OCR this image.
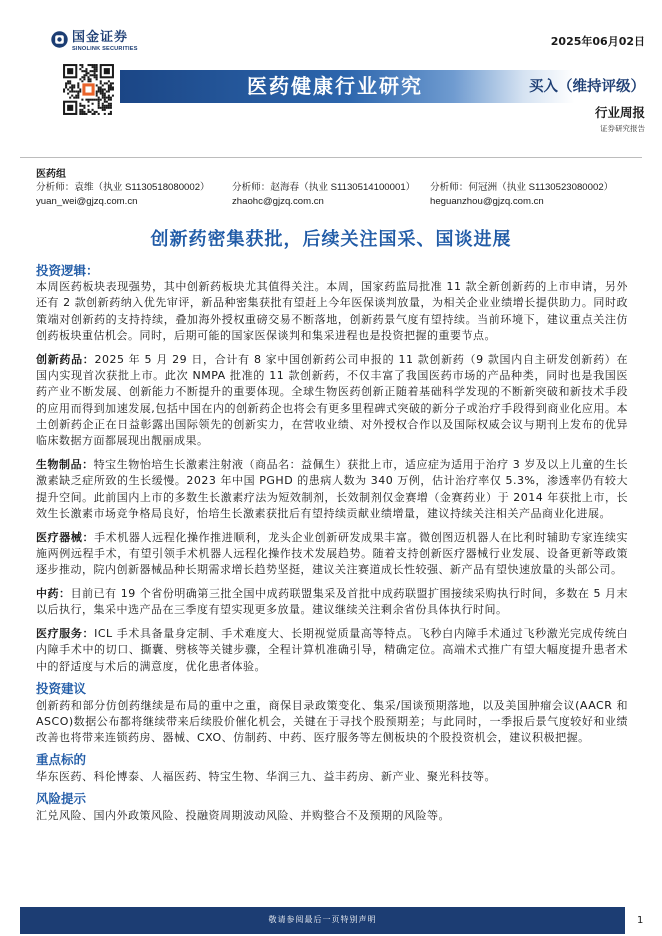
国金证券
SINOLINK SECURITIES
2025年06月02日
医药健康行业研究	买入（维持评级）
行业周报
证券研究报告
医药组
分析师：袁维（执业 S1130518080002）
yuan_wei@gjzq.com.cn
分析师：赵海春（执业 S1130514100001）
zhaohc@gjzq.com.cn
分析师：何冠洲（执业 S1130523080002）
heguanzhou@gjzq.com.cn
创新药密集获批，后续关注国采、国谈进展
投资逻辑：

本周医药板块表现强势，其中创新药板块尤其值得关注。本周，国家药监局批准 11 款全新创新药的上市申请，另外还有 2 款创新药纳入优先审评，新品种密集获批有望赶上今年医保谈判放量，为相关企业业绩增长提供助力。同时政策端对创新药的支持持续，叠加海外授权重磅交易不断落地，创新药景气度有望持续。当前环境下，建议重点关注仿创药板块重估机会。同时，后期可能的国家医保谈判和集采进程也是投资把握的重要节点。

创新药品：2025 年 5 月 29 日，合计有 8 家中国创新药公司申报的 11 款创新药（9 款国内自主研发创新药）在国内实现首次获批上市。此次 NMPA 批准的 11 款创新药，不仅丰富了我国医药市场的产品种类，同时也是我国医药产业不断发展、创新能力不断提升的重要体现。全球生物医药创新正随着基础科学发现的不断新突破和新技术手段的应用而得到加速发展,包括中国在内的创新药企也将会有更多里程碑式突破的新分子或治疗手段得到商业化应用。本土创新药企正在日益彰露出国际领先的创新实力，在营收业绩、对外授权合作以及国际权威会议与期刊上发布的优异临床数据方面都展现出靓丽成果。

生物制品：特宝生物怡培生长激素注射液（商品名：益佩生）获批上市，适应症为适用于治疗 3 岁及以上儿童的生长激素缺乏症所致的生长缓慢。2023 年中国 PGHD 的患病人数为 340 万例，估计治疗率仅 5.3%，渗透率仍有较大提升空间。此前国内上市的多数生长激素疗法为短效制剂，长效制剂仅金赛增（金赛药业）于 2014 年获批上市，长效生长激素市场竞争格局良好，怡培生长激素获批后有望持续贡献业绩增量，建议持续关注相关产品商业化进展。

医疗器械：手术机器人远程化操作推进顺利，龙头企业创新研发成果丰富。微创图迈机器人在比利时辅助专家连续实施两例远程手术，有望引领手术机器人远程化操作技术发展趋势。随着支持创新医疗器械行业发展、设备更新等政策逐步推动，院内创新器械品种长期需求增长趋势坚挺，建议关注赛道成长性较强、新产品有望快速放量的头部公司。

中药：目前已有 19 个省份明确第三批全国中成药联盟集采及首批中成药联盟扩围接续采购执行时间，多数在 5 月末以后执行，集采中选产品在三季度有望实现更多放量。建议继续关注剩余省份具体执行时间。

医疗服务：ICL 手术具备量身定制、手术难度大、长期视觉质量高等特点。飞秒白内障手术通过飞秒激光完成传统白内障手术中的切口、撕囊、劈核等关键步骤，全程计算机准确引导，精确定位。高端术式推广有望大幅度提升患者术中的舒适度与术后的满意度，优化患者体验。

投资建议

创新药和部分仿创药继续是布局的重中之重，商保目录政策变化、集采/国谈预期落地，以及美国肿瘤会议(AACR 和 ASCO)数据公布都将继续带来后续股价催化机会，关键在于寻找个股预期差；与此同时，一季报后景气度较好和业绩改善也将带来连锁药房、器械、CXO、仿制药、中药、医疗服务等左侧板块的个股投资机会，建议积极把握。

重点标的

华东医药、科伦博泰、人福医药、特宝生物、华润三九、益丰药房、新产业、聚光科技等。

风险提示

汇兑风险、国内外政策风险、投融资周期波动风险、并购整合不及预期的风险等。

敬请参阅最后一页特别声明	1
